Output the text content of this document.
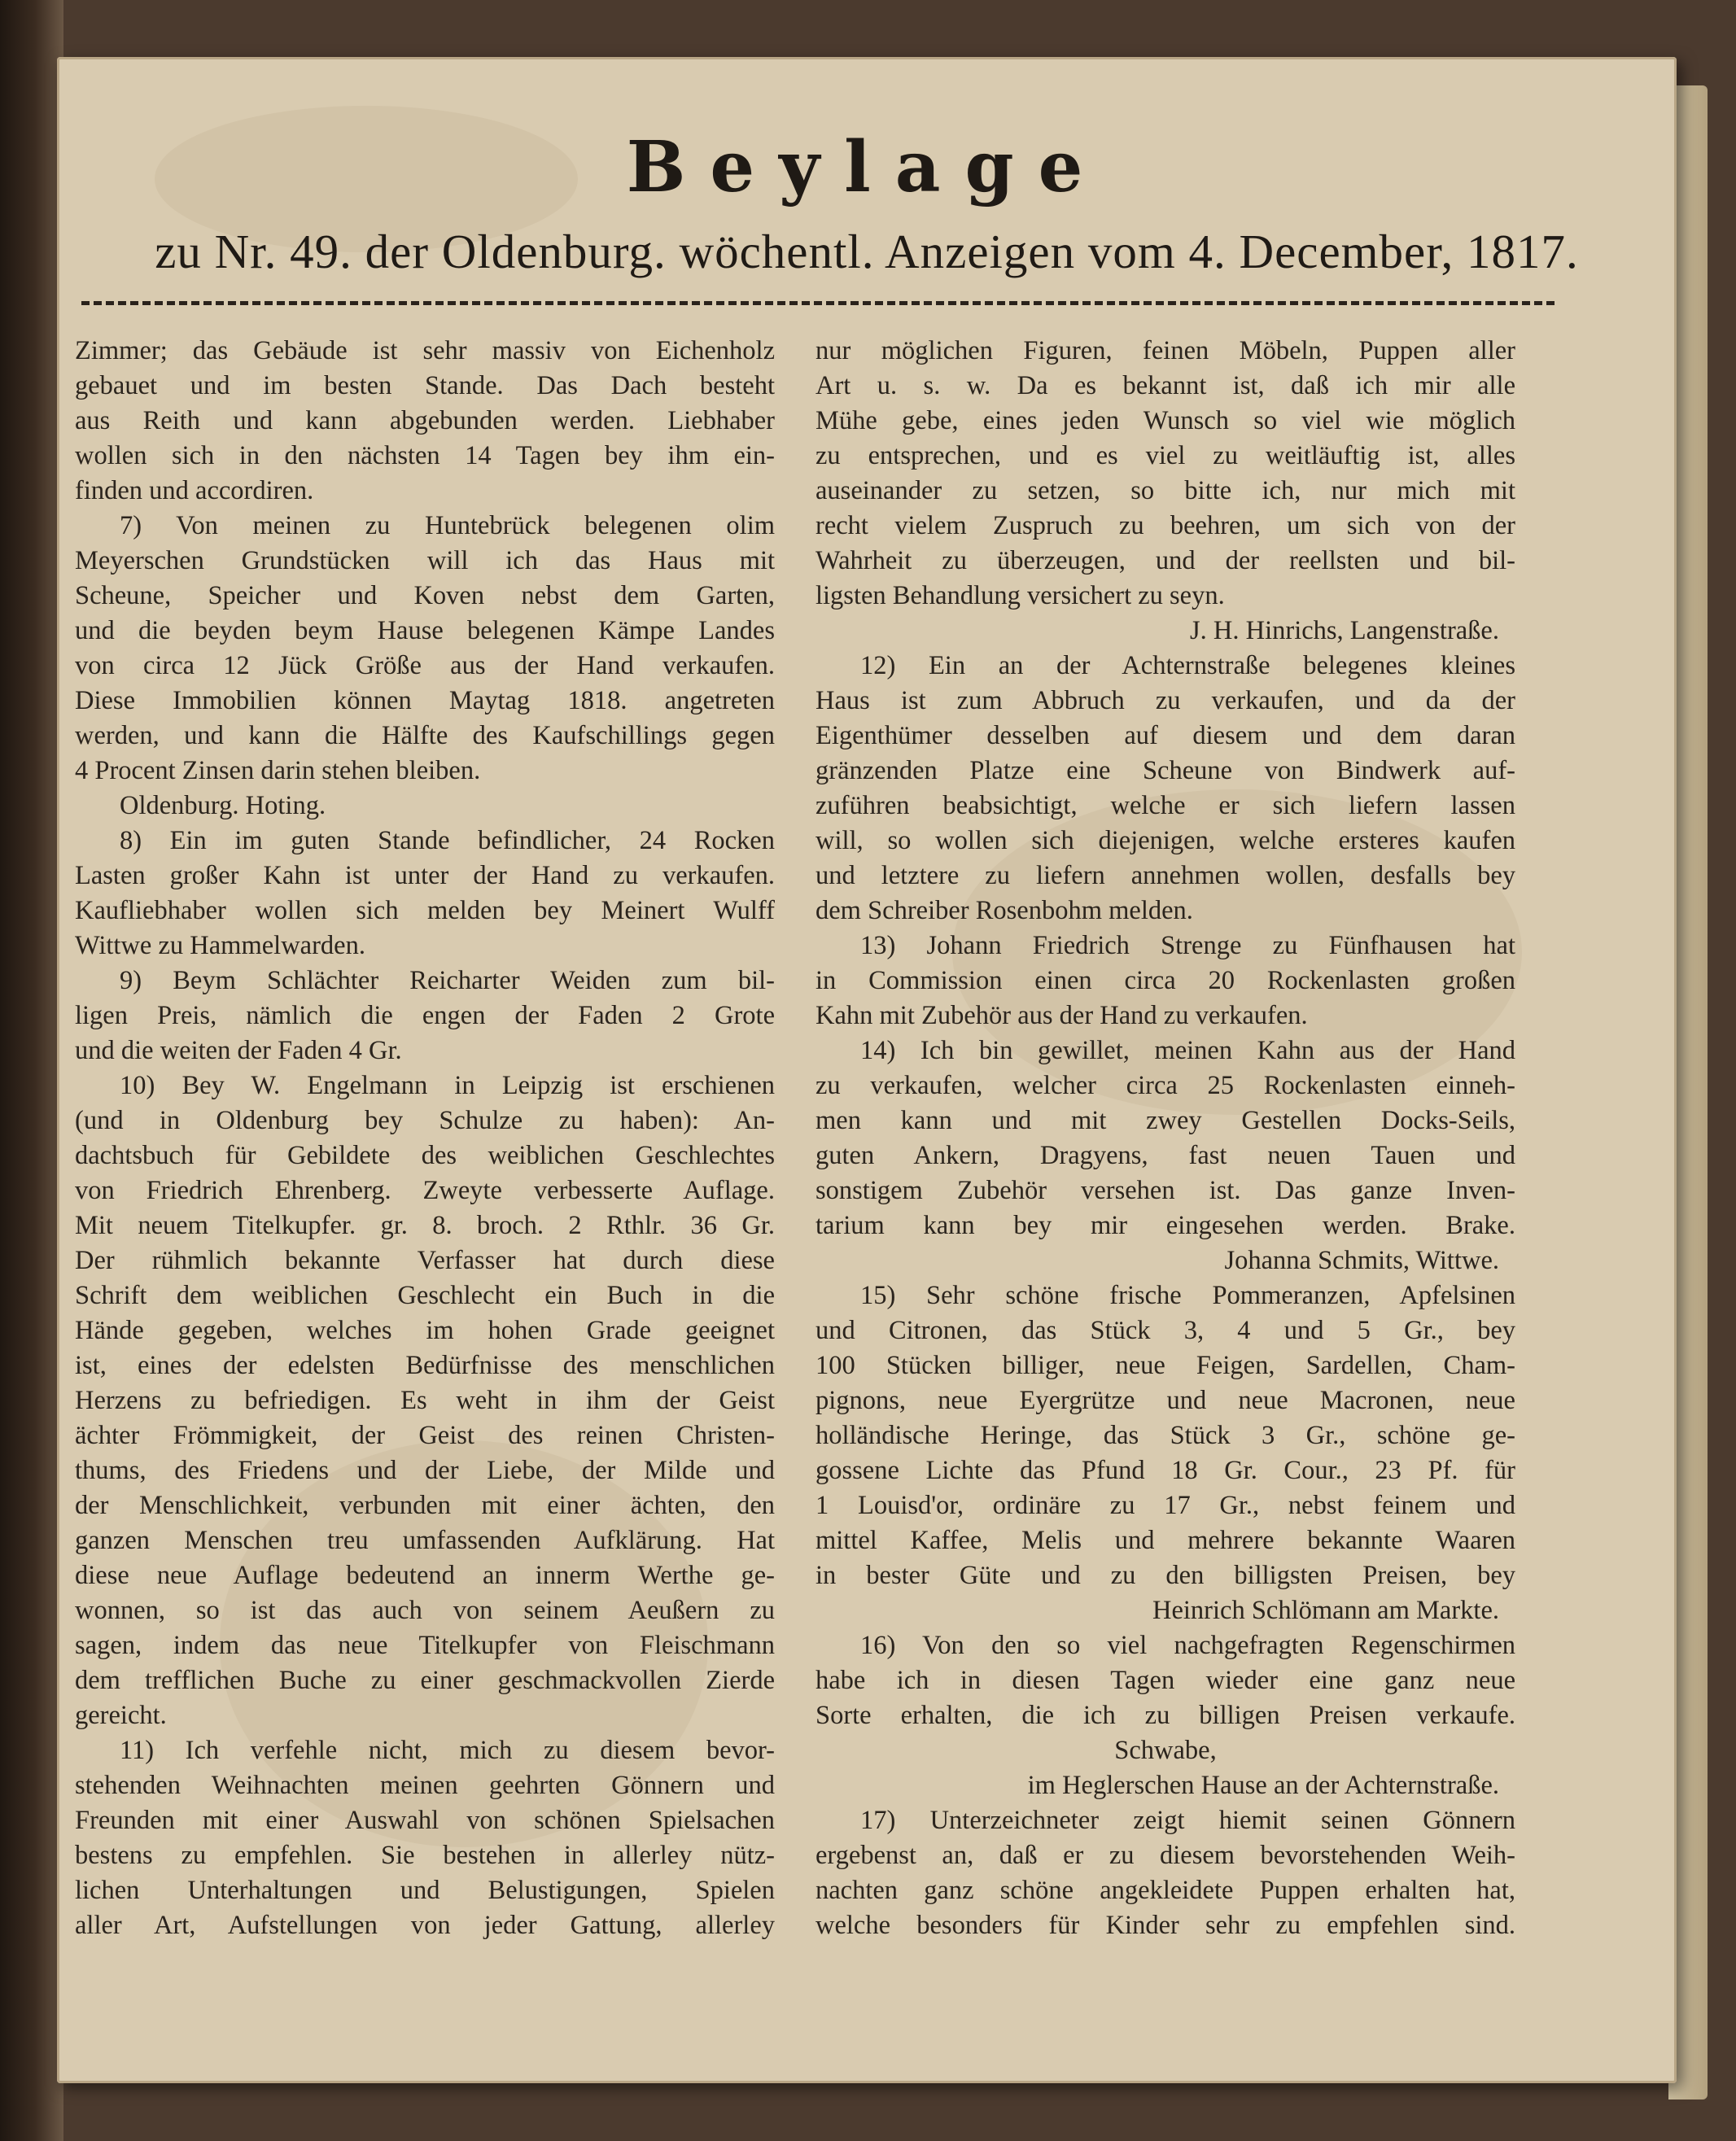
Beylage

zu Nr. 49. der Oldenburg. wöchentl. Anzeigen vom 4. December, 1817.

Zimmer; das Gebäude ist sehr massiv von Eichenholz
gebauet und im besten Stande. Das Dach besteht
aus Reith und kann abgebunden werden. Liebhaber
wollen sich in den nächsten 14 Tagen bey ihm ein-
finden und accordiren.
7) Von meinen zu Huntebrück belegenen olim
Meyerschen Grundstücken will ich das Haus mit
Scheune, Speicher und Koven nebst dem Garten,
und die beyden beym Hause belegenen Kämpe Landes
von circa 12 Jück Größe aus der Hand verkaufen.
Diese Immobilien können Maytag 1818. angetreten
werden, und kann die Hälfte des Kaufschillings gegen
4 Procent Zinsen darin stehen bleiben.
Oldenburg. Hoting.
8) Ein im guten Stande befindlicher, 24 Rocken
Lasten großer Kahn ist unter der Hand zu verkaufen.
Kaufliebhaber wollen sich melden bey Meinert Wulff
Wittwe zu Hammelwarden.
9) Beym Schlächter Reicharter Weiden zum bil-
ligen Preis, nämlich die engen der Faden 2 Grote
und die weiten der Faden 4 Gr.
10) Bey W. Engelmann in Leipzig ist erschienen
(und in Oldenburg bey Schulze zu haben): An-
dachtsbuch für Gebildete des weiblichen Geschlechtes
von Friedrich Ehrenberg. Zweyte verbesserte Auflage.
Mit neuem Titelkupfer. gr. 8. broch. 2 Rthlr. 36 Gr.
Der rühmlich bekannte Verfasser hat durch diese
Schrift dem weiblichen Geschlecht ein Buch in die
Hände gegeben, welches im hohen Grade geeignet
ist, eines der edelsten Bedürfnisse des menschlichen
Herzens zu befriedigen. Es weht in ihm der Geist
ächter Frömmigkeit, der Geist des reinen Christen-
thums, des Friedens und der Liebe, der Milde und
der Menschlichkeit, verbunden mit einer ächten, den
ganzen Menschen treu umfassenden Aufklärung. Hat
diese neue Auflage bedeutend an innerm Werthe ge-
wonnen, so ist das auch von seinem Aeußern zu
sagen, indem das neue Titelkupfer von Fleischmann
dem trefflichen Buche zu einer geschmackvollen Zierde
gereicht.
11) Ich verfehle nicht, mich zu diesem bevor-
stehenden Weihnachten meinen geehrten Gönnern und
Freunden mit einer Auswahl von schönen Spielsachen
bestens zu empfehlen. Sie bestehen in allerley nütz-
lichen Unterhaltungen und Belustigungen, Spielen
aller Art, Aufstellungen von jeder Gattung, allerley
nur möglichen Figuren, feinen Möbeln, Puppen aller
Art u. s. w. Da es bekannt ist, daß ich mir alle
Mühe gebe, eines jeden Wunsch so viel wie möglich
zu entsprechen, und es viel zu weitläuftig ist, alles
auseinander zu setzen, so bitte ich, nur mich mit
recht vielem Zuspruch zu beehren, um sich von der
Wahrheit zu überzeugen, und der reellsten und bil-
ligsten Behandlung versichert zu seyn.
J. H. Hinrichs, Langenstraße.
12) Ein an der Achternstraße belegenes kleines
Haus ist zum Abbruch zu verkaufen, und da der
Eigenthümer desselben auf diesem und dem daran
gränzenden Platze eine Scheune von Bindwerk auf-
zuführen beabsichtigt, welche er sich liefern lassen
will, so wollen sich diejenigen, welche ersteres kaufen
und letztere zu liefern annehmen wollen, desfalls bey
dem Schreiber Rosenbohm melden.
13) Johann Friedrich Strenge zu Fünfhausen hat
in Commission einen circa 20 Rockenlasten großen
Kahn mit Zubehör aus der Hand zu verkaufen.
14) Ich bin gewillet, meinen Kahn aus der Hand
zu verkaufen, welcher circa 25 Rockenlasten einneh-
men kann und mit zwey Gestellen Docks-Seils,
guten Ankern, Dragyens, fast neuen Tauen und
sonstigem Zubehör versehen ist. Das ganze Inven-
tarium kann bey mir eingesehen werden. Brake.
Johanna Schmits, Wittwe.
15) Sehr schöne frische Pommeranzen, Apfelsinen
und Citronen, das Stück 3, 4 und 5 Gr., bey
100 Stücken billiger, neue Feigen, Sardellen, Cham-
pignons, neue Eyergrütze und neue Macronen, neue
holländische Heringe, das Stück 3 Gr., schöne ge-
gossene Lichte das Pfund 18 Gr. Cour., 23 Pf. für
1 Louisd'or, ordinäre zu 17 Gr., nebst feinem und
mittel Kaffee, Melis und mehrere bekannte Waaren
in bester Güte und zu den billigsten Preisen, bey
Heinrich Schlömann am Markte.
16) Von den so viel nachgefragten Regenschirmen
habe ich in diesen Tagen wieder eine ganz neue
Sorte erhalten, die ich zu billigen Preisen verkaufe.
Schwabe,
im Heglerschen Hause an der Achternstraße.
17) Unterzeichneter zeigt hiemit seinen Gönnern
ergebenst an, daß er zu diesem bevorstehenden Weih-
nachten ganz schöne angekleidete Puppen erhalten hat,
welche besonders für Kinder sehr zu empfehlen sind.
